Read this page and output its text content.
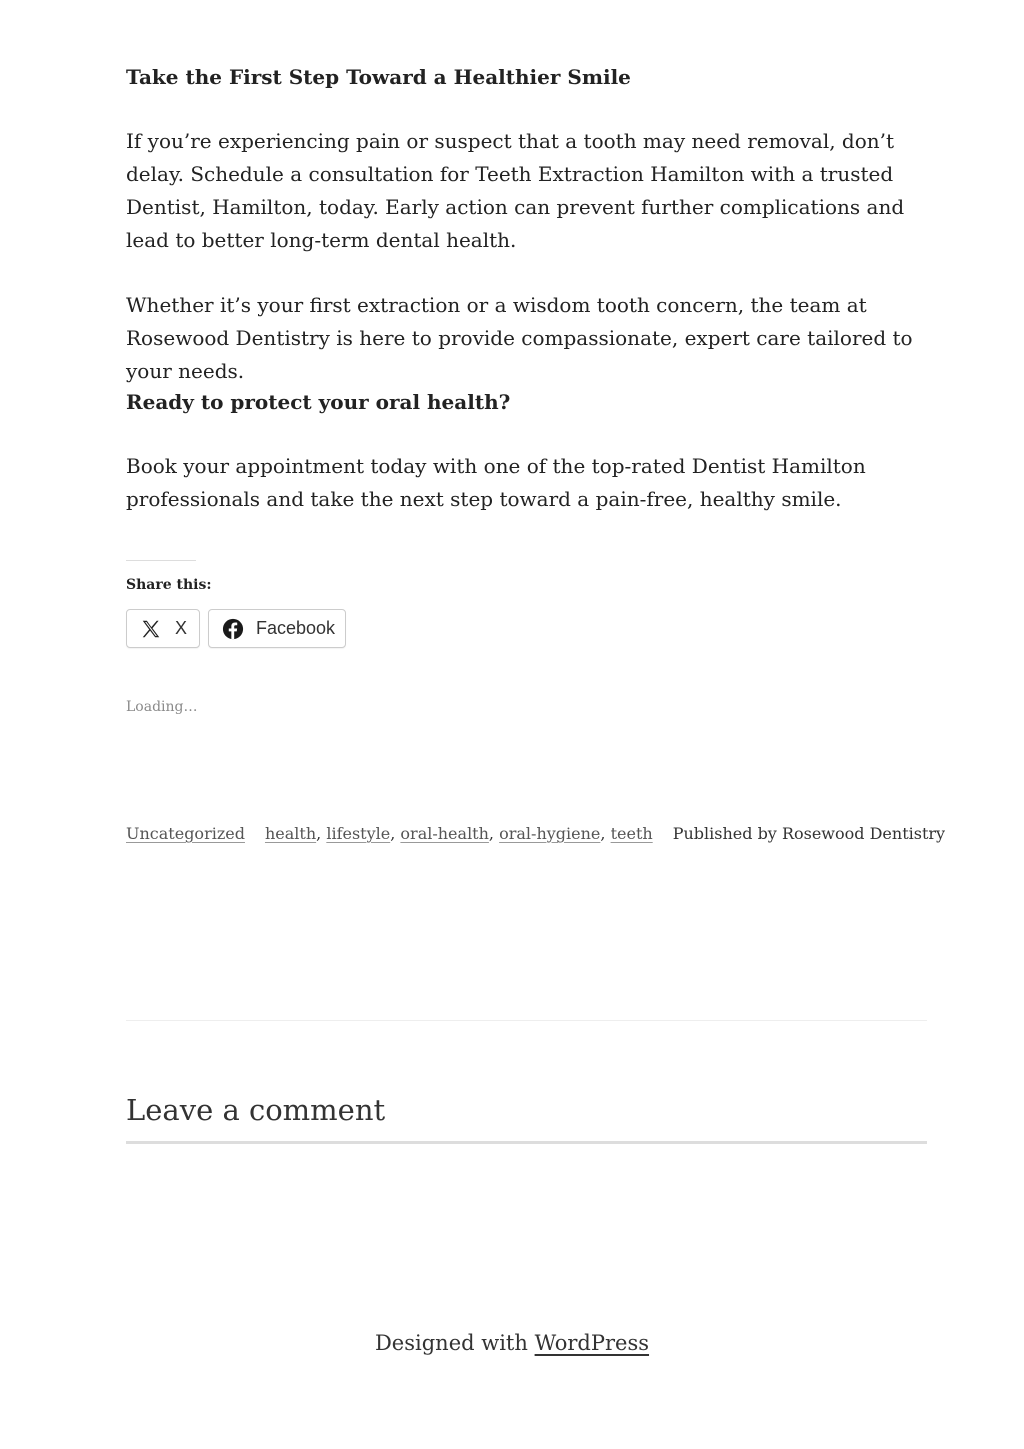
Take the First Step Toward a Healthier Smile

If you’re experiencing pain or suspect that a tooth may need removal, don’t delay. Schedule a consultation for Teeth Extraction Hamilton with a trusted Dentist, Hamilton, today. Early action can prevent further complications and lead to better long-term dental health.

Whether it’s your first extraction or a wisdom tooth concern, the team at Rosewood Dentistry is here to provide compassionate, expert care tailored to your needs.

Ready to protect your oral health?

Book your appointment today with one of the top-rated Dentist Hamilton professionals and take the next step toward a pain-free, healthy smile.

Share this:
X	Facebook
Loading…
Uncategorized health, lifestyle, oral-health, oral-hygiene, teeth Published by Rosewood Dentistry
Leave a comment
Designed with WordPress
